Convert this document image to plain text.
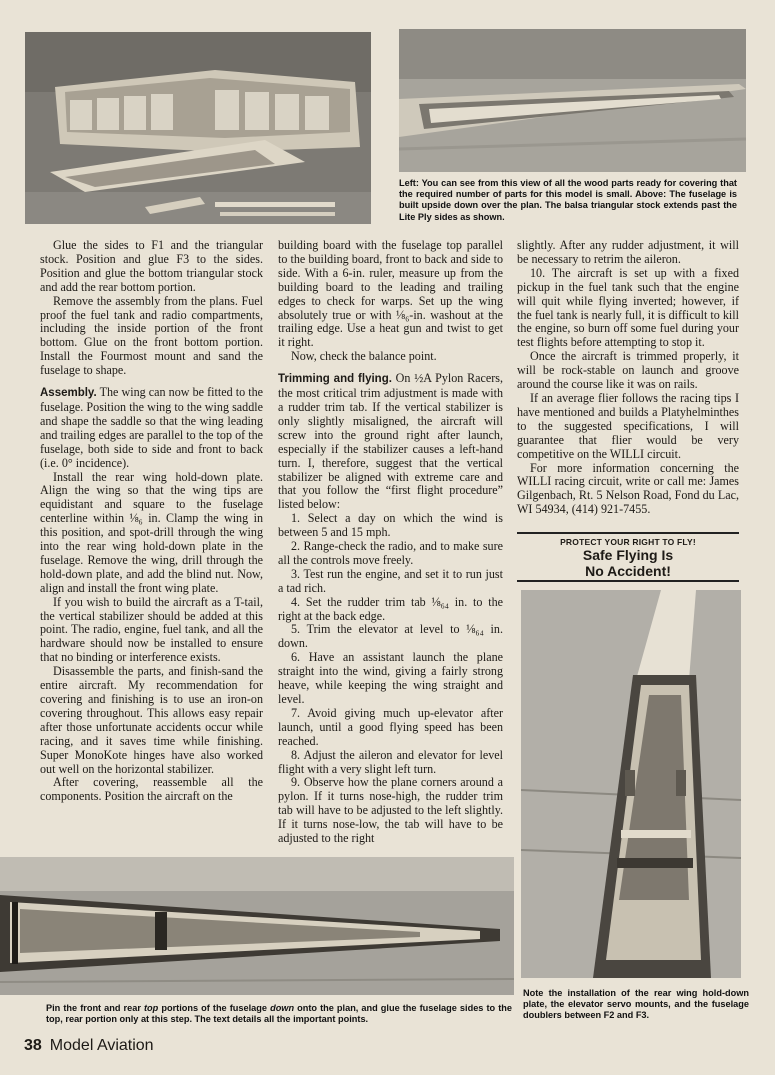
Left: You can see from this view of all the wood parts ready for covering that the required number of parts for this model is small. Above: The fuselage is built upside down over the plan. The balsa triangular stock extends past the Lite Ply sides as shown.

Glue the sides to F1 and the triangular stock. Position and glue F3 to the sides. Position and glue the bottom triangular stock and add the rear bottom portion.

Remove the assembly from the plans. Fuel proof the fuel tank and radio compartments, including the inside portion of the front bottom. Glue on the front bottom portion. Install the Fourmost mount and sand the fuselage to shape.

Assembly. The wing can now be fitted to the fuselage. Position the wing to the wing saddle and shape the saddle so that the wing leading and trailing edges are parallel to the top of the fuselage, both side to side and front to back (i.e. 0° incidence).

Install the rear wing hold-down plate. Align the wing so that the wing tips are equidistant and square to the fuselage centerline within ⅛₆ in. Clamp the wing in this position, and spot-drill through the wing into the rear wing hold-down plate in the fuselage. Remove the wing, drill through the hold-down plate, and add the blind nut. Now, align and install the front wing plate.

If you wish to build the aircraft as a T-tail, the vertical stabilizer should be added at this point. The radio, engine, fuel tank, and all the hardware should now be installed to ensure that no binding or interference exists.

Disassemble the parts, and finish-sand the entire aircraft. My recommendation for covering and finishing is to use an iron-on covering throughout. This allows easy repair after those unfortunate accidents occur while racing, and it saves time while finishing. Super MonoKote hinges have also worked out well on the horizontal stabilizer.

After covering, reassemble all the components. Position the aircraft on the

building board with the fuselage top parallel to the building board, front to back and side to side. With a 6-in. ruler, measure up from the building board to the leading and trailing edges to check for warps. Set up the wing absolutely true or with ⅛₆-in. washout at the trailing edge. Use a heat gun and twist to get it right.

Now, check the balance point.

Trimming and flying. On ½A Pylon Racers, the most critical trim adjustment is made with a rudder trim tab. If the vertical stabilizer is only slightly misaligned, the aircraft will screw into the ground right after launch, especially if the stabilizer causes a left-hand turn. I, therefore, suggest that the vertical stabilizer be aligned with extreme care and that you follow the “first flight procedure” listed below:

1. Select a day on which the wind is between 5 and 15 mph.

2. Range-check the radio, and to make sure all the controls move freely.

3. Test run the engine, and set it to run just a tad rich.

4. Set the rudder trim tab ⅛₆₄ in. to the right at the back edge.

5. Trim the elevator at level to ⅛₆₄ in. down.

6. Have an assistant launch the plane straight into the wind, giving a fairly strong heave, while keeping the wing straight and level.

7. Avoid giving much up-elevator after launch, until a good flying speed has been reached.

8. Adjust the aileron and elevator for level flight with a very slight left turn.

9. Observe how the plane corners around a pylon. If it turns nose-high, the rudder trim tab will have to be adjusted to the left slightly. If it turns nose-low, the tab will have to be adjusted to the right

slightly. After any rudder adjustment, it will be necessary to retrim the aileron.

10. The aircraft is set up with a fixed pickup in the fuel tank such that the engine will quit while flying inverted; however, if the fuel tank is nearly full, it is difficult to kill the engine, so burn off some fuel during your test flights before attempting to stop it.

Once the aircraft is trimmed properly, it will be rock-stable on launch and groove around the course like it was on rails.

If an average flier follows the racing tips I have mentioned and builds a Platyhelminthes to the suggested specifications, I will guarantee that flier would be very competitive on the WILLI circuit.

For more information concerning the WILLI racing circuit, write or call me: James Gilgenbach, Rt. 5 Nelson Road, Fond du Lac, WI 54934, (414) 921-7455.

PROTECT YOUR RIGHT TO FLY!
Safe Flying Is
No Accident!
Note the installation of the rear wing hold-down plate, the elevator servo mounts, and the fuselage doublers between F2 and F3.
Pin the front and rear top portions of the fuselage down onto the plan, and glue the fuselage sides to the top, rear portion only at this step. The text details all the important points.
38 Model Aviation
